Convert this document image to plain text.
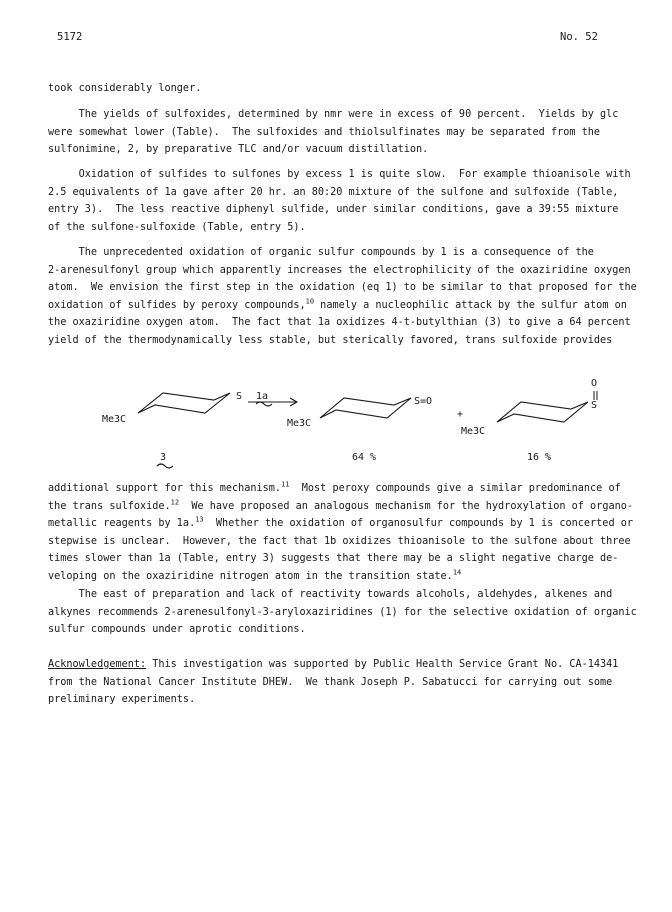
5172	No. 52
took considerably longer.
The yields of sulfoxides, determined by nmr were in excess of 90 percent.  Yields by glc
were somewhat lower (Table).  The sulfoxides and thiolsulfinates may be separated from the
sulfonimine, 2, by preparative TLC and/or vacuum distillation.
Oxidation of sulfides to sulfones by excess 1 is quite slow.  For example thioanisole with
2.5 equivalents of 1a gave after 20 hr. an 80:20 mixture of the sulfone and sulfoxide (Table,
entry 3).  The less reactive diphenyl sulfide, under similar conditions, gave a 39:55 mixture
of the sulfone-sulfoxide (Table, entry 5).
The unprecedented oxidation of organic sulfur compounds by 1 is a consequence of the
2-arenesulfonyl group which apparently increases the electrophilicity of the oxaziridine oxygen
atom.  We envision the first step in the oxidation (eq 1) to be similar to that proposed for the
oxidation of sulfides by peroxy compounds,$^{10}$ namely a nucleophilic attack by the sulfur atom on
the oxaziridine oxygen atom.  The fact that 1a oxidizes 4-t-butylthian (3) to give a 64 percent
yield of the thermodynamically less stable, but sterically favored, trans sulfoxide provides
S 1a
Me3C	Me3C
S=O
+
Me3C
O
S
3	64 %	16 %
additional support for this mechanism.$^{11}$  Most peroxy compounds give a similar predominance of
the trans sulfoxide.$^{12}$  We have proposed an analogous mechanism for the hydroxylation of organo-
metallic reagents by 1a.$^{13}$  Whether the oxidation of organosulfur compounds by 1 is concerted or
stepwise is unclear.  However, the fact that 1b oxidizes thioanisole to the sulfone about three
times slower than 1a (Table, entry 3) suggests that there may be a slight negative charge de-
veloping on the oxaziridine nitrogen atom in the transition state.$^{14}$
The east of preparation and lack of reactivity towards alcohols, aldehydes, alkenes and
alkynes recommends 2-arenesulfonyl-3-aryloxaziridines (1) for the selective oxidation of organic
sulfur compounds under aprotic conditions.
Acknowledgement: This investigation was supported by Public Health Service Grant No. CA-14341
from the National Cancer Institute DHEW.  We thank Joseph P. Sabatucci for carrying out some
preliminary experiments.
